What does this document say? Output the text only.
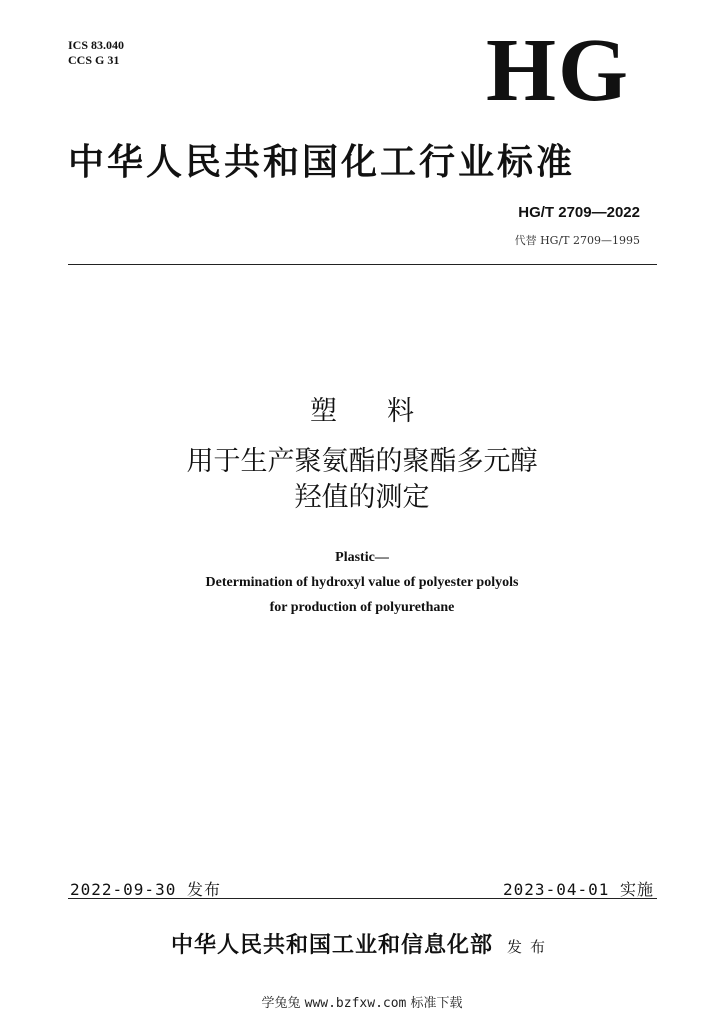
ICS 83.040
CCS G 31	HG
中华人民共和国化工行业标准
HG/T 2709—2022
代替 HG/T 2709—1995
塑料
用于生产聚氨酯的聚酯多元醇
羟值的测定
Plastic—
Determination of hydroxyl value of polyester polyols
for production of polyurethane
2022-09-30 发布	2023-04-01 实施
中华人民共和国工业和信息化部 发布
学兔兔 www.bzfxw.com 标准下载
